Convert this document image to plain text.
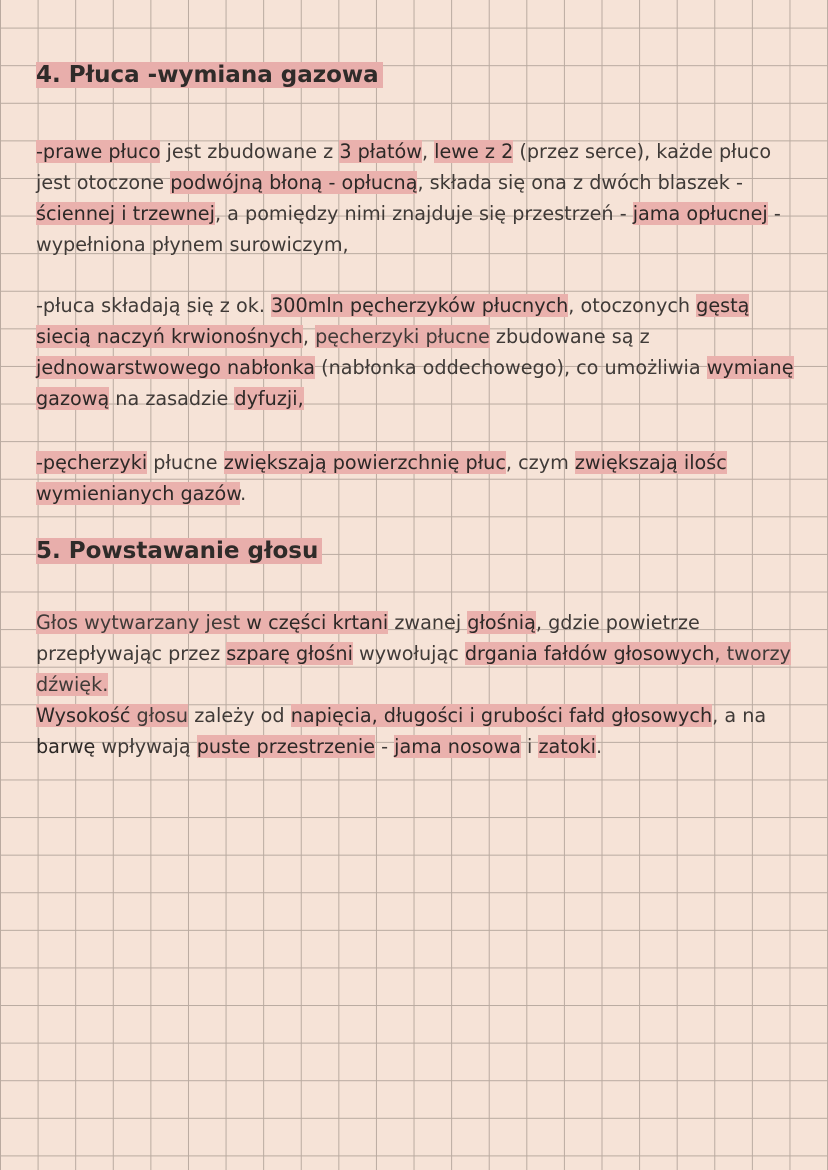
4. Płuca -wymiana gazowa

-prawe płuco jest zbudowane z 3 płatów, lewe z 2 (przez serce), każde płuco jest otoczone podwójną błoną - opłucną, składa się ona z dwóch blaszek - ściennej i trzewnej, a pomiędzy nimi znajduje się przestrzeń - jama opłucnej - wypełniona płynem surowiczym,

-płuca składają się z ok. 300mln pęcherzyków płucnych, otoczonych gęstą siecią naczyń krwionośnych, pęcherzyki płucne zbudowane są z jednowarstwowego nabłonka (nabłonka oddechowego), co umożliwia wymianę gazową na zasadzie dyfuzji,

-pęcherzyki płucne zwiększają powierzchnię płuc, czym zwiększają ilośc wymienianych gazów.

5. Powstawanie głosu

Głos wytwarzany jest w części krtani zwanej głośnią, gdzie powietrze przepływając przez szparę głośni wywołując drgania fałdów głosowych, tworzy dźwięk.

Wysokość głosu zależy od napięcia, długości i grubości fałd głosowych, a na barwę wpływają puste przestrzenie - jama nosowa i zatoki.
